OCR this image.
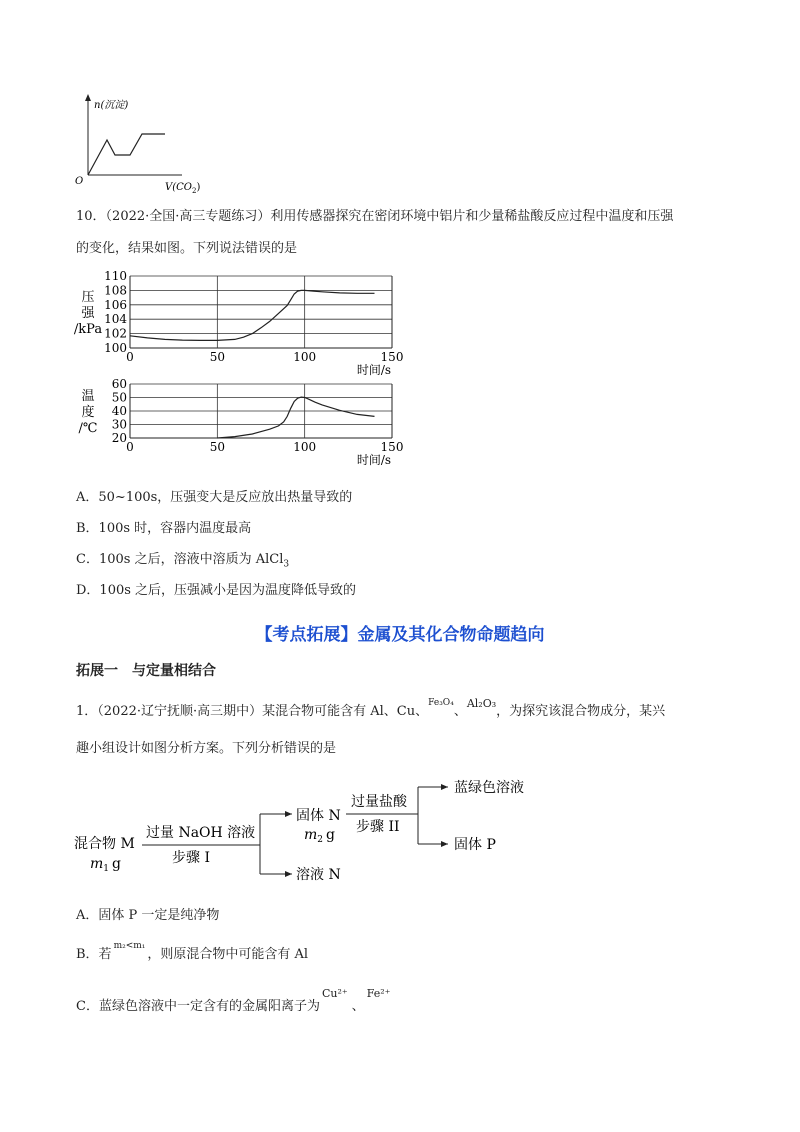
n(沉淀)
O
$V(CO_2)$
10．（2022·全国·高三专题练习）利用传感器探究在密闭环境中铝片和少量稀盐酸反应过程中温度和压强
的变化，结果如图。下列说法错误的是
100
102
104
106
108
110
0	50	100	150
时间/s
压
强
/kPa
20
30
40
50
60
0	50	100	150
时间/s
温
度
/℃
A．50~100s，压强变大是反应放出热量导致的
B．100s 时，容器内温度最高
C．100s 之后，溶液中溶质为 AlCl$_3$
D．100s 之后，压强减小是因为温度降低导致的
【考点拓展】金属及其化合物命题趋向
拓展一　与定量相结合
1．（2022·辽宁抚顺·高三期中）某混合物可能含有 Al、Cu、$^{Fe_3O_4}$、$^{Al_2O_3}$，为探究该混合物成分，某兴
趣小组设计如图分析方案。下列分析错误的是
混合物 M
$m_1$ g
过量 NaOH 溶液
步骤 I
固体 N
$m_2$ g
溶液 N
过量盐酸
步骤 II
蓝绿色溶液
固体 P
A．固体 P 一定是纯净物
B．若$^{m_2<m_1}$，则原混合物中可能含有 Al
C．蓝绿色溶液中一定含有的金属阳离子为$^{Cu^{2+}}$、$^{Fe^{2+}}$
